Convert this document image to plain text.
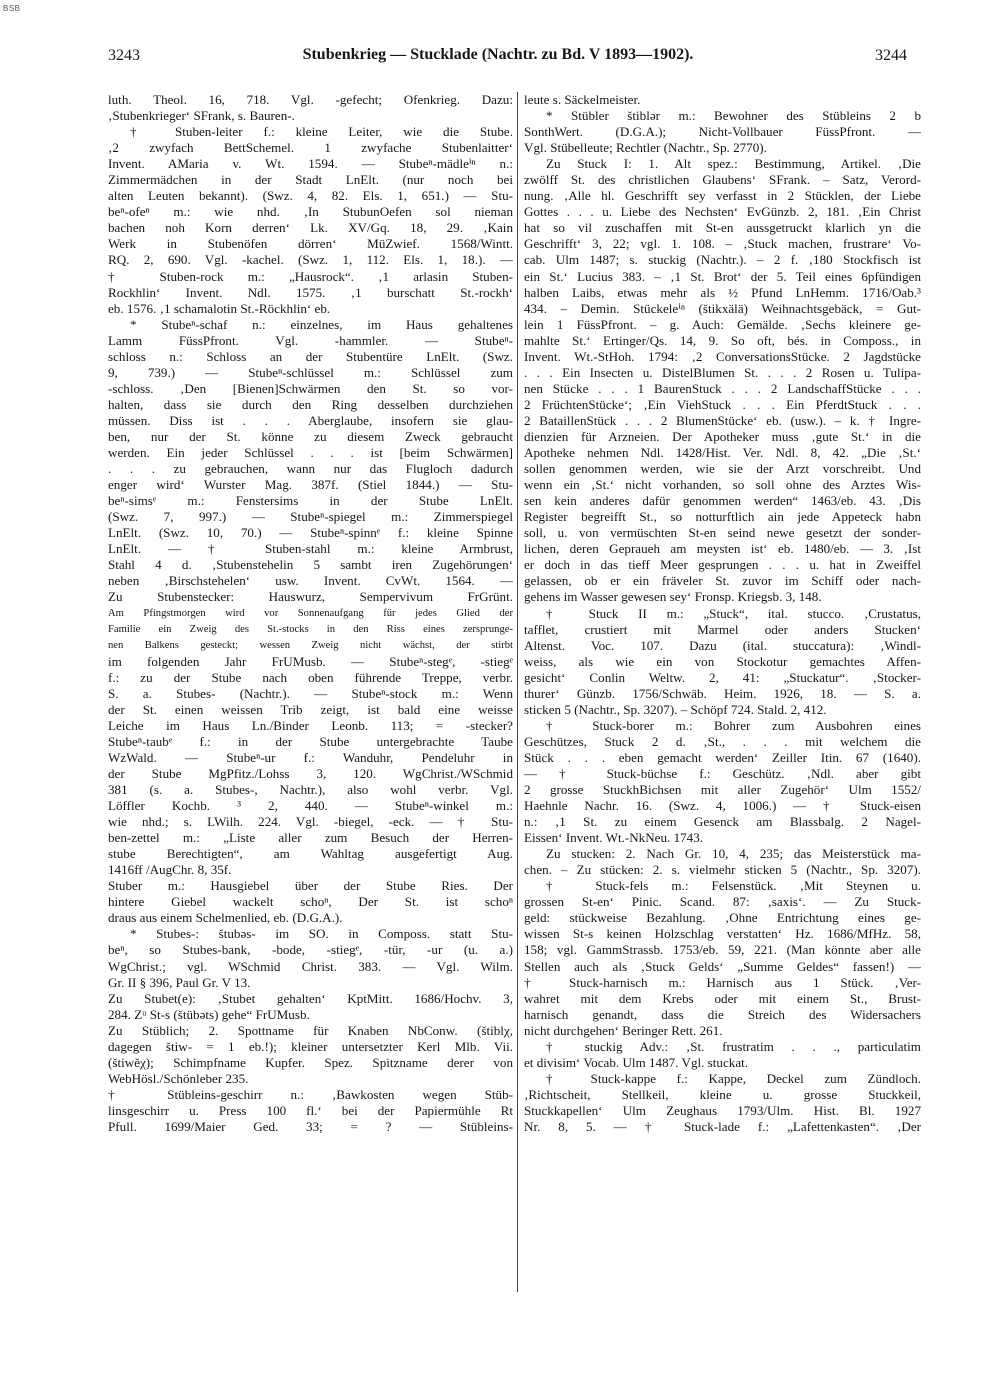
BSB
3243	Stubenkrieg — Stucklade (Nachtr. zu Bd. V 1893—1902).	3244
luth. Theol. 16, 718. Vgl. -gefecht; Ofenkrieg. Dazu:
‚Stubenkrieger‘ SFrank, s. Bauren-.
† Stuben-leiter f.: kleine Leiter, wie die Stube.
‚2 zwyfach BettSchemel. 1 zwyfache Stubenlaitter‘
Invent. AMaria v. Wt. 1594. — Stubeⁿ-mädleⁱⁿ n.:
Zimmermädchen in der Stadt LnElt. (nur noch bei
alten Leuten bekannt). (Swz. 4, 82. Els. 1, 651.) — Stu-
beⁿ-ofeⁿ m.: wie nhd. ‚In StubunOefen sol nieman
bachen noh Korn derren‘ Lk. XV/Gq. 18, 29. ‚Kain
Werk in Stubenöfen dörren‘ MüZwief. 1568/Wintt.
RQ. 2, 690. Vgl. -kachel. (Swz. 1, 112. Els. 1, 18.). —
† Stuben-rock m.: „Hausrock“. ‚1 arlasin Stuben-
Rockhlin‘ Invent. Ndl. 1575. ‚1 burschatt St.-rockh‘
eb. 1576. ‚1 schamalotin St.-Röckhlin‘ eb.
* Stubeⁿ-schaf n.: einzelnes, im Haus gehaltenes
Lamm FüssPfront. Vgl. -hammler. — Stubeⁿ-
schloss n.: Schloss an der Stubentüre LnElt. (Swz.
9, 739.) — Stubeⁿ-schlüssel m.: Schlüssel zum
-schloss. ‚Den [Bienen]Schwärmen den St. so vor-
halten, dass sie durch den Ring desselben durchziehen
müssen. Diss ist . . . Aberglaube, insofern sie glau-
ben, nur der St. könne zu diesem Zweck gebraucht
werden. Ein jeder Schlüssel . . . ist [beim Schwärmen]
. . . zu gebrauchen, wann nur das Flugloch dadurch
enger wird‘ Wurster Mag. 387f. (Stiel 1844.) — Stu-
beⁿ-simsᵉ m.: Fenstersims in der Stube LnElt.
(Swz. 7, 997.) — Stubeⁿ-spiegel m.: Zimmerspiegel
LnElt. (Swz. 10, 70.) — Stubeⁿ-spinnᵉ f.: kleine Spinne
LnElt. — † Stuben-stahl m.: kleine Armbrust,
Stahl 4 d. ‚Stubenstehelin 5 sambt iren Zugehörungen‘
neben ‚Birschstehelen‘ usw. Invent. CvWt. 1564. —
Zu Stubenstecker: Hauswurz, Sempervivum FrGrünt.
Am Pfingstmorgen wird vor Sonnenaufgang für jedes Glied der
Familie ein Zweig des St.-stocks in den Riss eines zersprunge-
nen Balkens gesteckt; wessen Zweig nicht wächst, der stirbt
im folgenden Jahr FrUMusb. — Stubeⁿ-stegᵉ, -stiegᵉ
f.: zu der Stube nach oben führende Treppe, verbr.
S. a. Stubes- (Nachtr.). — Stubeⁿ-stock m.: Wenn
der St. einen weissen Trib zeigt, ist bald eine weisse
Leiche im Haus Ln./Binder Leonb. 113; = -stecker?
Stubeⁿ-taubᵉ f.: in der Stube untergebrachte Taube
WzWald. — Stubeⁿ-ur f.: Wanduhr, Pendeluhr in
der Stube MgPfitz./Lohss 3, 120. WgChrist./WSchmid
381 (s. a. Stubes-, Nachtr.), also wohl verbr. Vgl.
Löffler Kochb. ³ 2, 440. — Stubeⁿ-winkel m.:
wie nhd.; s. LWilh. 224. Vgl. -biegel, -eck. — † Stu-
ben-zettel m.: „Liste aller zum Besuch der Herren-
stube Berechtigten“, am Wahltag ausgefertigt Aug.
1416ff /AugChr. 8, 35f.
Stuber m.: Hausgiebel über der Stube Ries. Der
hintere Giebel wackelt schoⁿ, Der St. ist schoⁿ
draus aus einem Schelmenlied, eb. (D.G.A.).
* Stubes-: štubəs- im SO. in Composs. statt Stu-
beⁿ, so Stubes-bank, -bode, -stiegᵉ, -tür, -ur (u. a.)
WgChrist.; vgl. WSchmid Christ. 383. — Vgl. Wilm.
Gr. II § 396, Paul Gr. V 13.
Zu Stubet(e): ‚Stubet gehalten‘ KptMitt. 1686/Hochv. 3,
284. Zᵘ St-s (štübəts) gehe“ FrUMusb.
Zu Stüblich; 2. Spottname für Knaben NbConw. (štiblχ,
dagegen štiw- = 1 eb.!); kleiner untersetzter Kerl Mlb. Vii.
(štiwĕχ); Schimpfname Kupfer. Spez. Spitzname derer von
WebHösl./Schönleber 235.
† Stübleins-geschirr n.: ‚Bawkosten wegen Stüb-
linsgeschirr u. Press 100 fl.‘ bei der Papiermühle Rt
Pfull. 1699/Maier Ged. 33; = ? — Stübleins-
leute s. Säckelmeister.
* Stübler štiblər m.: Bewohner des Stübleins 2 b
SonthWert. (D.G.A.); Nicht-Vollbauer FüssPfront. —
Vgl. Stübelleute; Rechtler (Nachtr., Sp. 2770).
Zu Stuck I: 1. Alt spez.: Bestimmung, Artikel. ‚Die
zwölff St. des christlichen Glaubens‘ SFrank. – Satz, Verord-
nung. ‚Alle hl. Geschrifft sey verfasst in 2 Stücklen, der Liebe
Gottes . . . u. Liebe des Nechsten‘ EvGünzb. 2, 181. ‚Ein Christ
hat so vil zuschaffen mit St-en aussgetruckt klarlich yn die
Geschrifft‘ 3, 22; vgl. 1. 108. – ‚Stuck machen, frustrare‘ Vo-
cab. Ulm 1487; s. stuckig (Nachtr.). – 2 f. ‚180 Stockfisch ist
ein St.‘ Lucius 383. – ‚1 St. Brot‘ der 5. Teil eines 6pfündigen
halben Laibs, etwas mehr als ½ Pfund LnHemm. 1716/Oab.³
434. – Demin. Stückeleⁱⁿ (štikxälä) Weihnachtsgebäck, = Gut-
lein 1 FüssPfront. – g. Auch: Gemälde. ‚Sechs kleinere ge-
mahlte St.‘ Ertinger/Qs. 14, 9. So oft, bés. in Composs., in
Invent. Wt.-StHoh. 1794: ‚2 ConversationsStücke. 2 Jagdstücke
. . . Ein Insecten u. DistelBlumen St. . . . 2 Rosen u. Tulipa-
nen Stücke . . . 1 BaurenStuck . . . 2 LandschaffStücke . . .
2 FrüchtenStücke‘; ‚Ein ViehStuck . . . Ein PferdtStuck . . .
2 BataillenStück . . . 2 BlumenStücke‘ eb. (usw.). – k. † Ingre-
dienzien für Arzneien. Der Apotheker muss ‚gute St.‘ in die
Apotheke nehmen Ndl. 1428/Hist. Ver. Ndl. 8, 42. „Die ‚St.‘
sollen genommen werden, wie sie der Arzt vorschreibt. Und
wenn ein ‚St.‘ nicht vorhanden, so soll ohne des Arztes Wis-
sen kein anderes dafür genommen werden“ 1463/eb. 43. ‚Dis
Register begreifft St., so notturftlich ain jede Appeteck habn
soll, u. von vermüschten St-en seind newe gesetzt der sonder-
lichen, deren Gepraueh am meysten ist‘ eb. 1480/eb. — 3. ‚Ist
er doch in das tieff Meer gesprungen . . . u. hat in Zweiffel
gelassen, ob er ein fräveler St. zuvor im Schiff oder nach-
gehens im Wasser gewesen sey‘ Fronsp. Kriegsb. 3, 148.
† Stuck II m.: „Stuck“, ital. stucco. ‚Crustatus,
tafflet, crustiert mit Marmel oder anders Stucken‘
Altenst. Voc. 107. Dazu (ital. stuccatura): ‚Windl-
weiss, als wie ein von Stockotur gemachtes Affen-
gesicht‘ Conlin Weltw. 2, 41: „Stuckatur“. ‚Stocker-
thurer‘ Günzb. 1756/Schwäb. Heim. 1926, 18. — S. a.
sticken 5 (Nachtr., Sp. 3207). – Schöpf 724. Stald. 2, 412.
† Stuck-borer m.: Bohrer zum Ausbohren eines
Geschützes, Stuck 2 d. ‚St., . . . mit welchem die
Stück . . . eben gemacht werden‘ Zeiller Itin. 67 (1640).
— † Stuck-büchse f.: Geschütz. ‚Ndl. aber gibt
2 grosse StuckhBichsen mit aller Zugehör‘ Ulm 1552/
Haehnle Nachr. 16. (Swz. 4, 1006.) — † Stuck-eisen
n.: ‚1 St. zu einem Gesenck am Blassbalg. 2 Nagel-
Eissen‘ Invent. Wt.-NkNeu. 1743.
Zu stucken: 2. Nach Gr. 10, 4, 235; das Meisterstück ma-
chen. – Zu stücken: 2. s. vielmehr sticken 5 (Nachtr., Sp. 3207).
† Stuck-fels m.: Felsenstück. ‚Mit Steynen u.
grossen St-en‘ Pinic. Scand. 87: ‚saxis‘. — Zu Stuck-
geld: stückweise Bezahlung. ‚Ohne Entrichtung eines ge-
wissen St-s keinen Holzschlag verstatten‘ Hz. 1686/MfHz. 58,
158; vgl. GammStrassb. 1753/eb. 59, 221. (Man könnte aber alle
Stellen auch als ‚Stuck Gelds‘ „Summe Geldes“ fassen!) —
† Stuck-harnisch m.: Harnisch aus 1 Stück. ‚Ver-
wahret mit dem Krebs oder mit einem St., Brust-
harnisch genandt, dass die Streich des Widersachers
nicht durchgehen‘ Beringer Rett. 261.
† stuckig Adv.: ‚St. frustratim . . ., particulatim
et divisim‘ Vocab. Ulm 1487. Vgl. stuckat.
† Stuck-kappe f.: Kappe, Deckel zum Zündloch.
‚Richtscheit, Stellkeil, kleine u. grosse Stuckkeil,
Stuckkapellen‘ Ulm Zeughaus 1793/Ulm. Hist. Bl. 1927
Nr. 8, 5. — † Stuck-lade f.: „Lafettenkasten“. ‚Der
